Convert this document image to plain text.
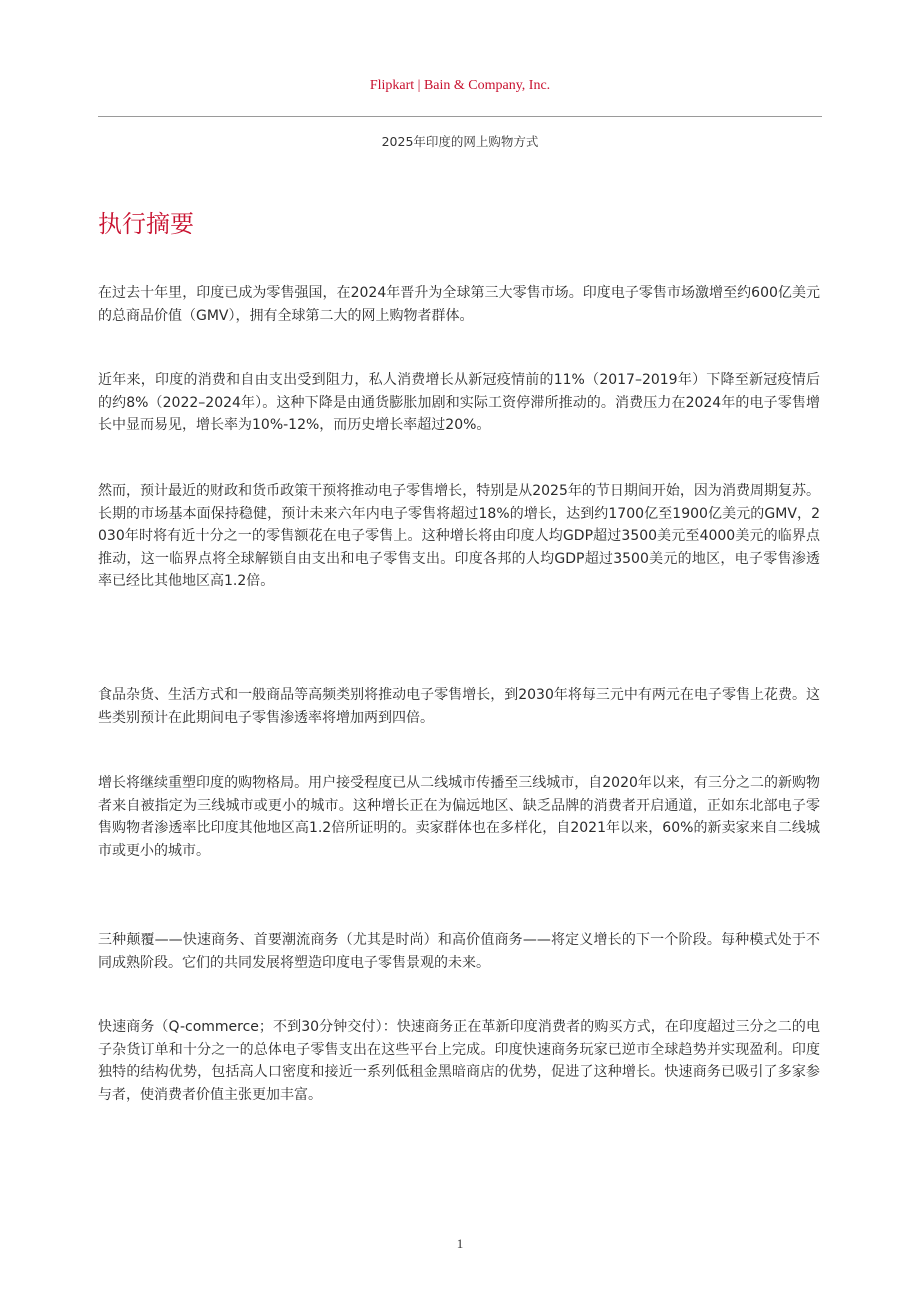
Flipkart | Bain & Company, Inc.
2025年印度的网上购物方式
执行摘要

在过去十年里，印度已成为零售强国，在2024年晋升为全球第三大零售市场。印度电子零售市场激增至约600亿美元的总商品价值（GMV），拥有全球第二大的网上购物者群体。

近年来，印度的消费和自由支出受到阻力，私人消费增长从新冠疫情前的11%（2017–2019年）下降至新冠疫情后的约8%（2022–2024年）。这种下降是由通货膨胀加剧和实际工资停滞所推动的。消费压力在2024年的电子零售增长中显而易见，增长率为10%-12%，而历史增长率超过20%。

然而，预计最近的财政和货币政策干预将推动电子零售增长，特别是从2025年的节日期间开始，因为消费周期复苏。长期的市场基本面保持稳健，预计未来六年内电子零售将超过18%的增长，达到约1700亿至1900亿美元的GMV，2030年时将有近十分之一的零售额花在电子零售上。这种增长将由印度人均GDP超过3500美元至4000美元的临界点推动，这一临界点将全球解锁自由支出和电子零售支出。印度各邦的人均GDP超过3500美元的地区，电子零售渗透率已经比其他地区高1.2倍。

食品杂货、生活方式和一般商品等高频类别将推动电子零售增长，到2030年将每三元中有两元在电子零售上花费。这些类别预计在此期间电子零售渗透率将增加两到四倍。

增长将继续重塑印度的购物格局。用户接受程度已从二线城市传播至三线城市，自2020年以来，有三分之二的新购物者来自被指定为三线城市或更小的城市。这种增长正在为偏远地区、缺乏品牌的消费者开启通道，正如东北部电子零售购物者渗透率比印度其他地区高1.2倍所证明的。卖家群体也在多样化，自2021年以来，60%的新卖家来自二线城市或更小的城市。

三种颠覆——快速商务、首要潮流商务（尤其是时尚）和高价值商务——将定义增长的下一个阶段。每种模式处于不同成熟阶段。它们的共同发展将塑造印度电子零售景观的未来。

快速商务（Q-commerce；不到30分钟交付）：快速商务正在革新印度消费者的购买方式，在印度超过三分之二的电子杂货订单和十分之一的总体电子零售支出在这些平台上完成。印度快速商务玩家已逆市全球趋势并实现盈利。印度独特的结构优势，包括高人口密度和接近一系列低租金黑暗商店的优势，促进了这种增长。快速商务已吸引了多家参与者，使消费者价值主张更加丰富。

1
